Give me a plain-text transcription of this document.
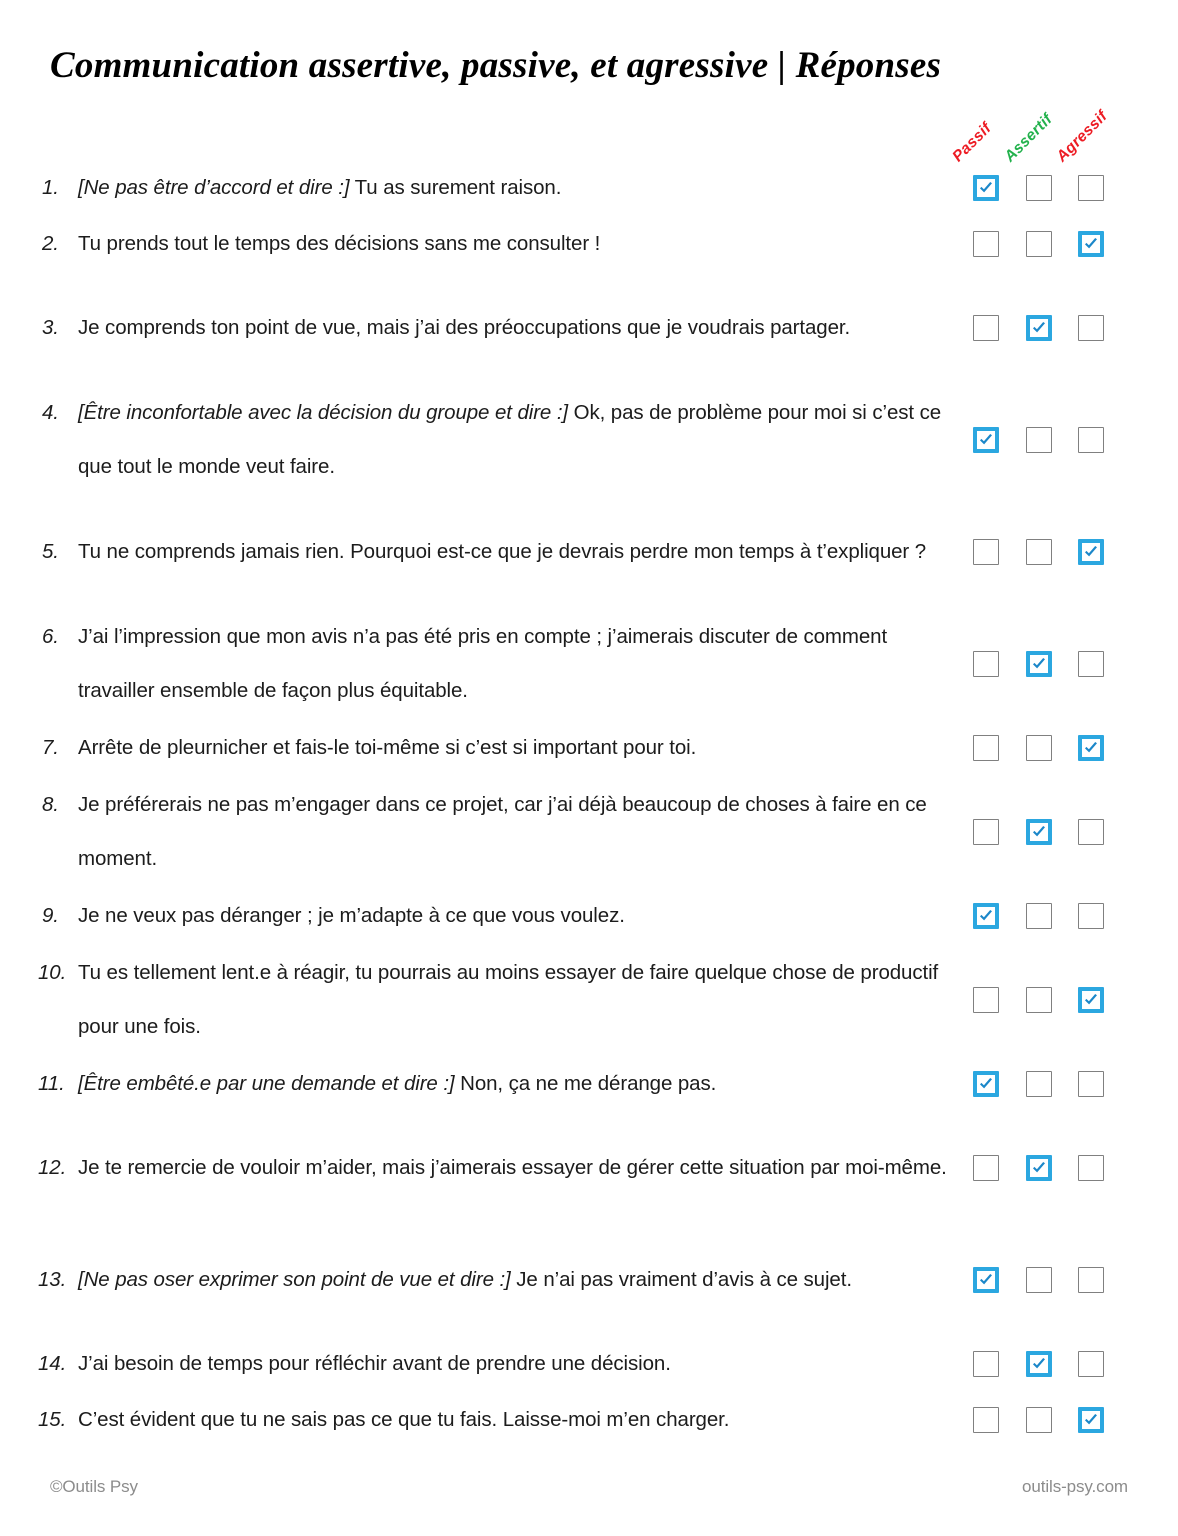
Communication assertive, passive, et agressive | Réponses
Passif Assertif
Agressif
1. [Ne pas être d’accord et dire :] Tu as surement raison.
2. Tu prends tout le temps des décisions sans me consulter !
3. Je comprends ton point de vue, mais j’ai des préoccupations que je voudrais partager.
4. [Être inconfortable avec la décision du groupe et dire :] Ok, pas de problème pour moi si c’est ce que tout le monde veut faire.
5. Tu ne comprends jamais rien. Pourquoi est-ce que je devrais perdre mon temps à t’expliquer ?
6. J’ai l’impression que mon avis n’a pas été pris en compte ; j’aimerais discuter de comment travailler ensemble de façon plus équitable.
7. Arrête de pleurnicher et fais-le toi-même si c’est si important pour toi.
8. Je préférerais ne pas m’engager dans ce projet, car j’ai déjà beaucoup de choses à faire en ce moment.
9. Je ne veux pas déranger ; je m’adapte à ce que vous voulez.
10. Tu es tellement lent.e à réagir, tu pourrais au moins essayer de faire quelque chose de productif pour une fois.
11. [Être embêté.e par une demande et dire :] Non, ça ne me dérange pas.
12. Je te remercie de vouloir m’aider, mais j’aimerais essayer de gérer cette situation par moi-même.
13. [Ne pas oser exprimer son point de vue et dire :] Je n’ai pas vraiment d’avis à ce sujet.
14. J’ai besoin de temps pour réfléchir avant de prendre une décision.
15. C’est évident que tu ne sais pas ce que tu fais. Laisse-moi m’en charger.
©Outils Psy	outils-psy.com
